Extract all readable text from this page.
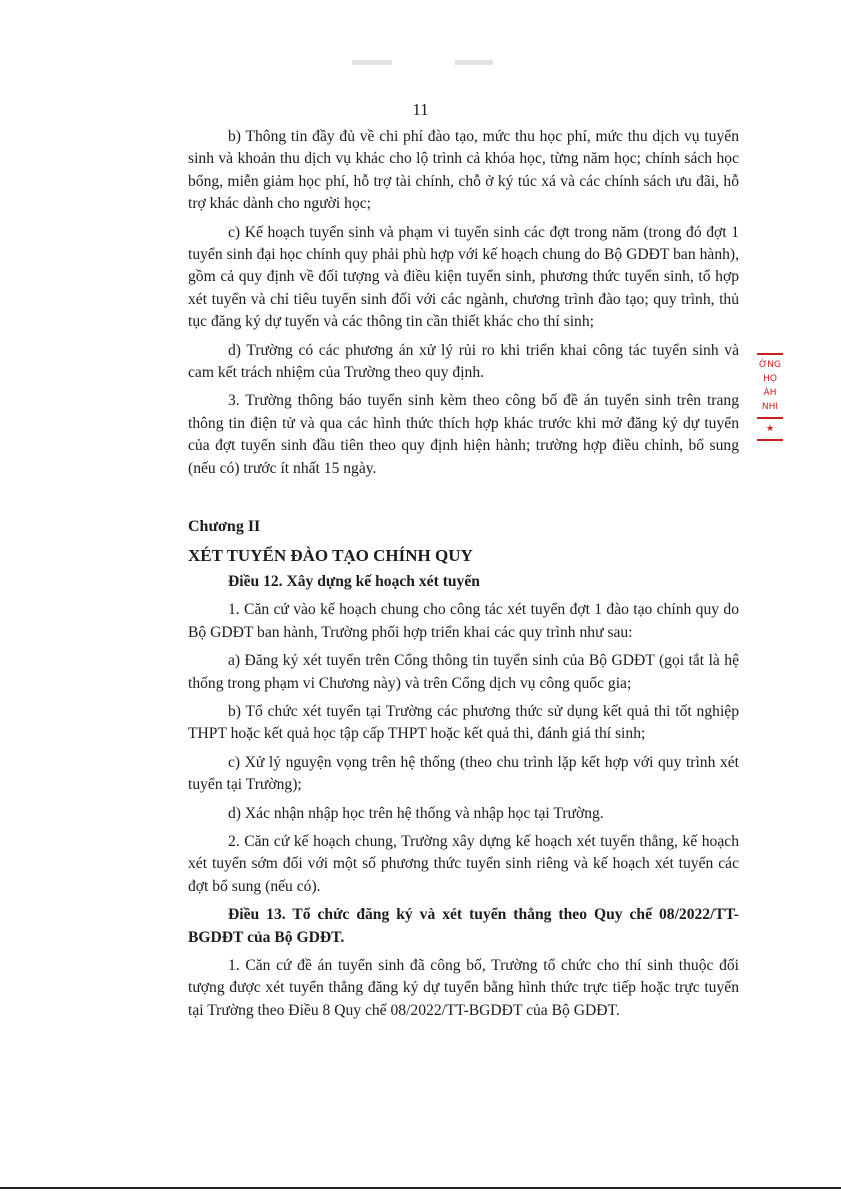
11

b) Thông tin đầy đủ về chi phí đào tạo, mức thu học phí, mức thu dịch vụ tuyển sinh và khoản thu dịch vụ khác cho lộ trình cả khóa học, từng năm học; chính sách học bổng, miễn giảm học phí, hỗ trợ tài chính, chỗ ở ký túc xá và các chính sách ưu đãi, hỗ trợ khác dành cho người học;

c) Kế hoạch tuyển sinh và phạm vi tuyển sinh các đợt trong năm (trong đó đợt 1 tuyển sinh đại học chính quy phải phù hợp với kế hoạch chung do Bộ GDĐT ban hành), gồm cả quy định về đối tượng và điều kiện tuyển sinh, phương thức tuyển sinh, tổ hợp xét tuyển và chỉ tiêu tuyển sinh đối với các ngành, chương trình đào tạo; quy trình, thủ tục đăng ký dự tuyển và các thông tin cần thiết khác cho thí sinh;

d) Trường có các phương án xử lý rủi ro khi triển khai công tác tuyển sinh và cam kết trách nhiệm của Trường theo quy định.

3. Trường thông báo tuyển sinh kèm theo công bố đề án tuyển sinh trên trang thông tin điện tử và qua các hình thức thích hợp khác trước khi mở đăng ký dự tuyển của đợt tuyển sinh đầu tiên theo quy định hiện hành; trường hợp điều chỉnh, bổ sung (nếu có) trước ít nhất 15 ngày.

Chương II

XÉT TUYỂN ĐÀO TẠO CHÍNH QUY

Điều 12. Xây dựng kế hoạch xét tuyển

1. Căn cứ vào kế hoạch chung cho công tác xét tuyển đợt 1 đào tạo chính quy do Bộ GDĐT ban hành, Trường phối hợp triển khai các quy trình như sau:

a) Đăng ký xét tuyển trên Cổng thông tin tuyển sinh của Bộ GDĐT (gọi tắt là hệ thống trong phạm vi Chương này) và trên Cổng dịch vụ công quốc gia;

b) Tổ chức xét tuyển tại Trường các phương thức sử dụng kết quả thi tốt nghiệp THPT hoặc kết quả học tập cấp THPT hoặc kết quả thi, đánh giá thí sinh;

c) Xử lý nguyện vọng trên hệ thống (theo chu trình lặp kết hợp với quy trình xét tuyển tại Trường);

d) Xác nhận nhập học trên hệ thống và nhập học tại Trường.

2. Căn cứ kế hoạch chung, Trường xây dựng kế hoạch xét tuyển thẳng, kế hoạch xét tuyển sớm đối với một số phương thức tuyển sinh riêng và kế hoạch xét tuyển các đợt bổ sung (nếu có).

Điều 13. Tổ chức đăng ký và xét tuyển thẳng theo Quy chế 08/2022/TT-BGDĐT của Bộ GDĐT.

1. Căn cứ đề án tuyển sinh đã công bố, Trường tổ chức cho thí sinh thuộc đối tượng được xét tuyển thẳng đăng ký dự tuyển bằng hình thức trực tiếp hoặc trực tuyến tại Trường theo Điều 8 Quy chế 08/2022/TT-BGDĐT của Bộ GDĐT.

ỜNG
HỌ
ÀH
NHI
★
